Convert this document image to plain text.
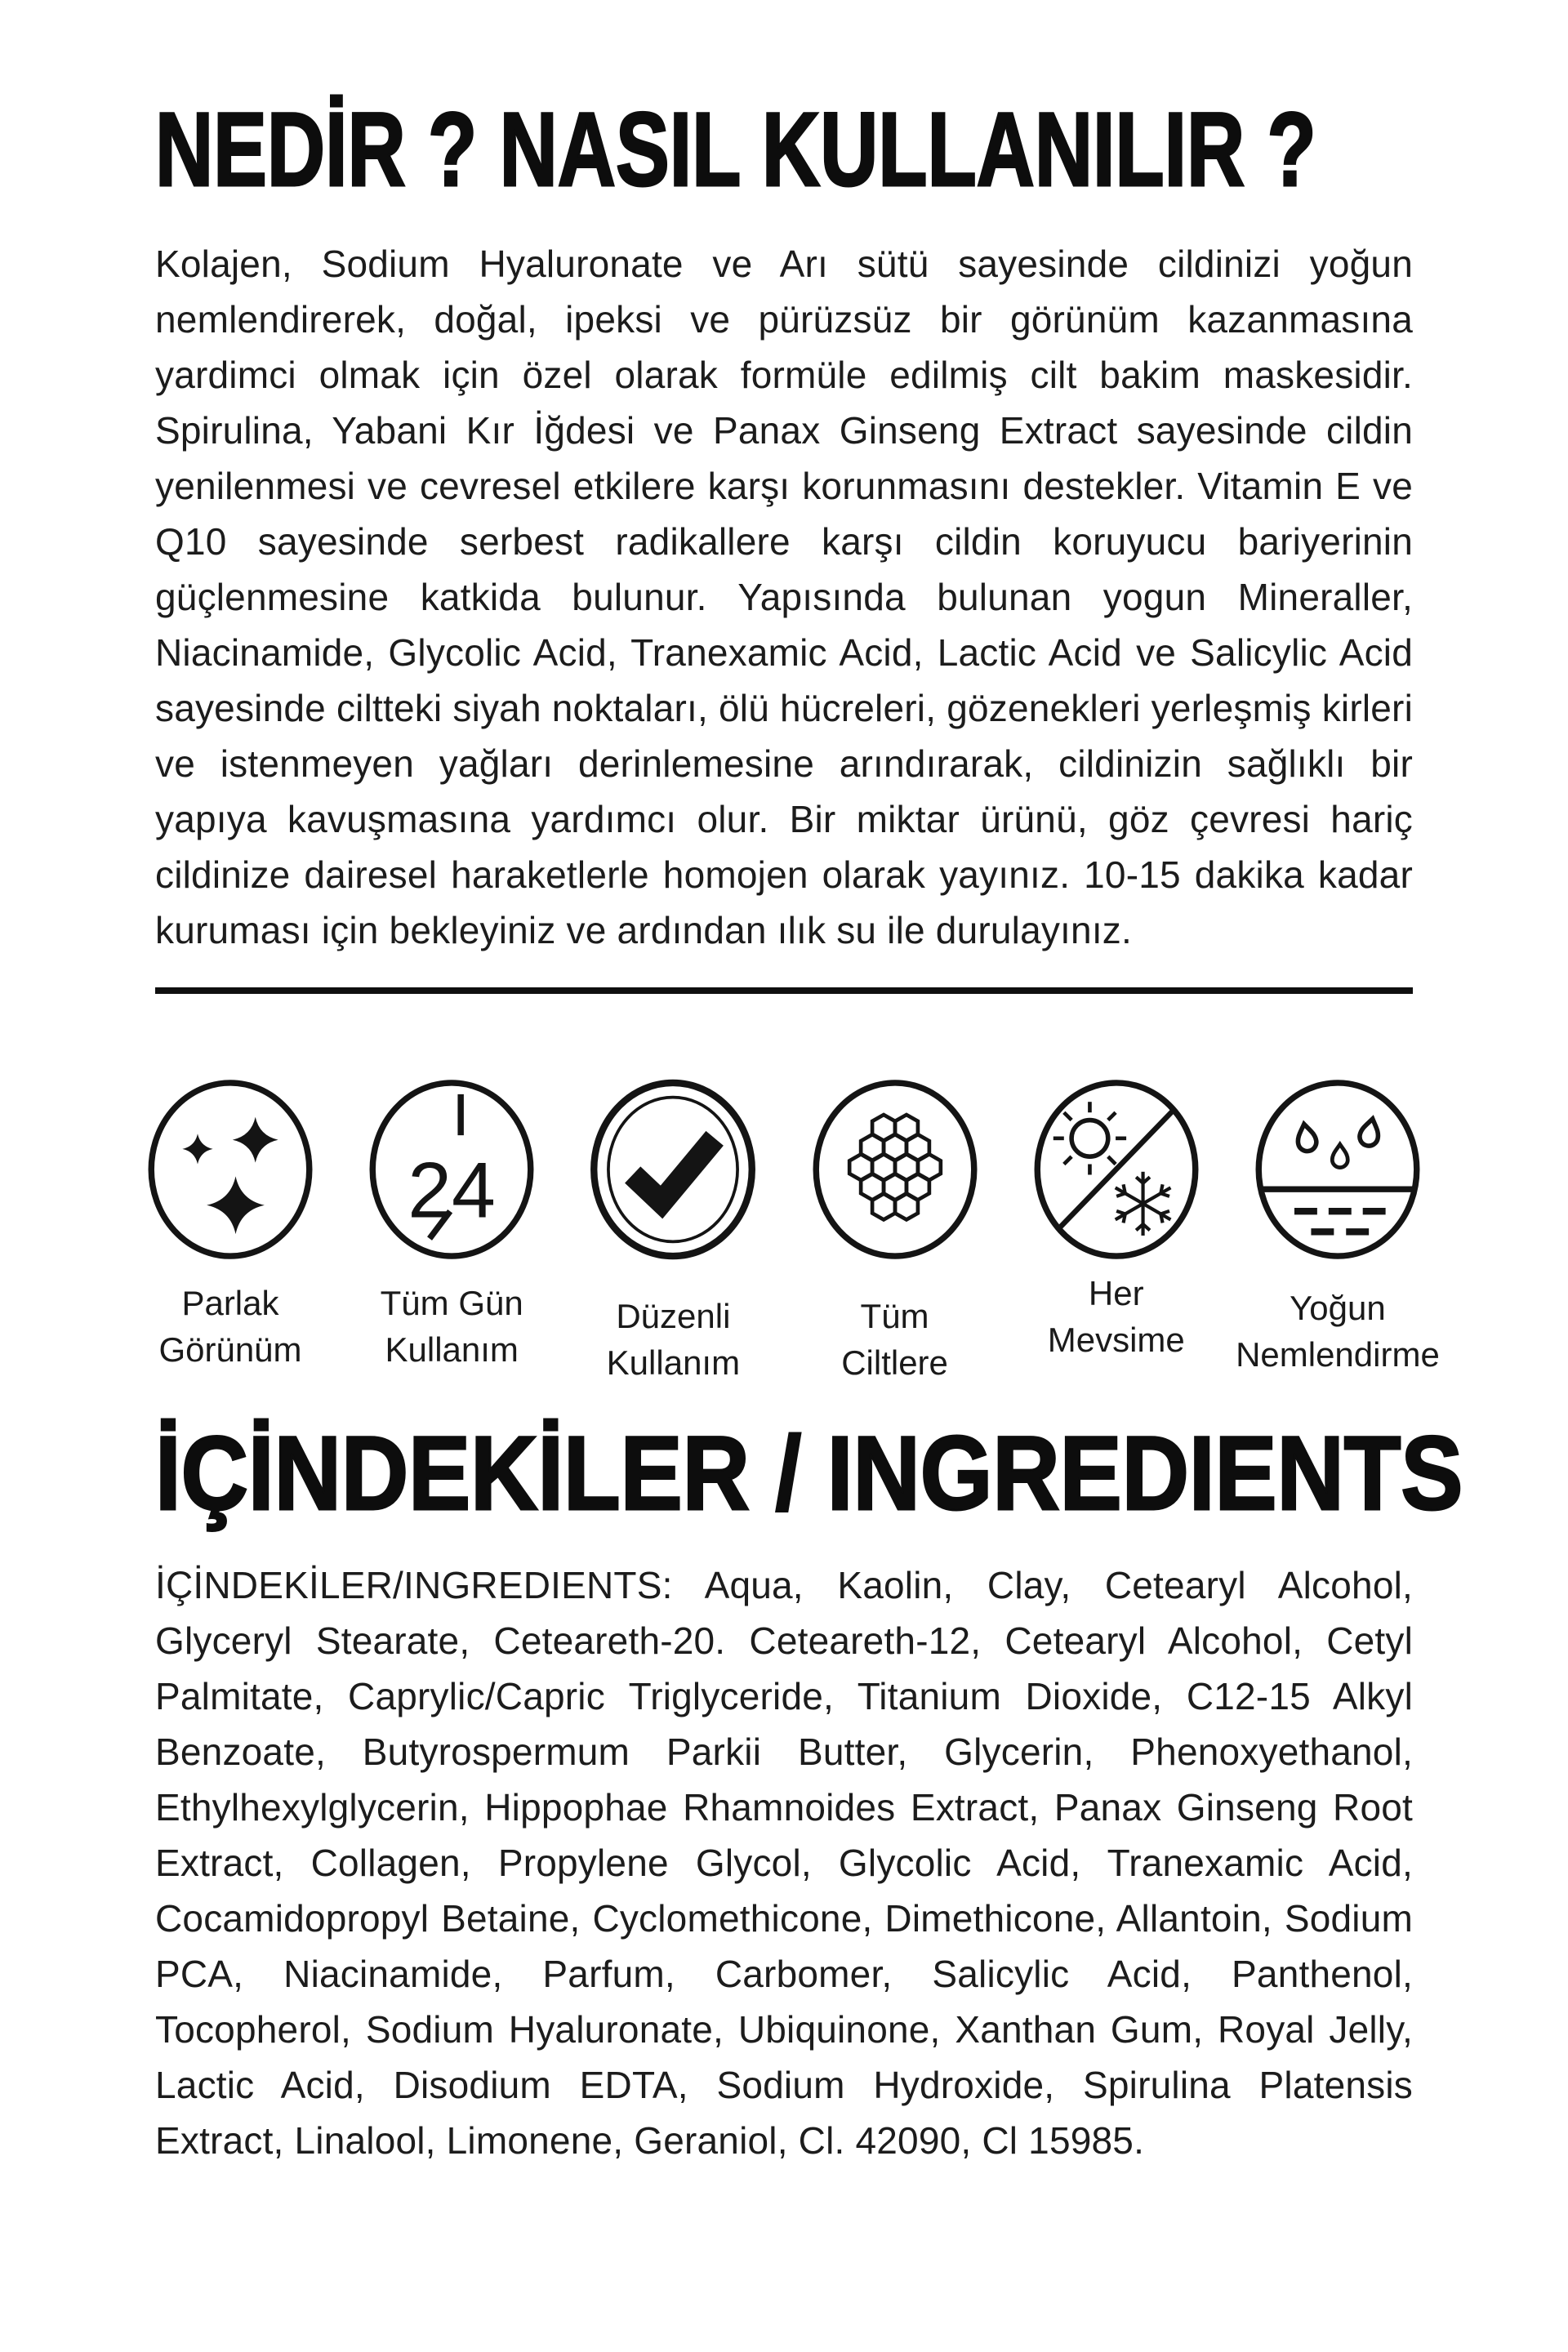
NEDİR ? NASIL KULLANILIR ?

Kolajen, Sodium Hyaluronate ve Arı sütü sayesinde cildinizi yoğun nemlendirerek, doğal, ipeksi ve pürüzsüz bir görünüm kazanmasına yardimci olmak için özel olarak formüle edilmiş cilt bakim maskesidir. Spirulina, Yabani Kır İğdesi ve Panax Ginseng Extract sayesinde cildin yenilenmesi ve cevresel etkilere karşı korunmasını destekler. Vitamin E ve Q10 sayesinde serbest radikallere karşı cildin koruyucu bariyerinin güçlenmesine katkida bulunur. Yapısında bulunan yogun Mineraller, Niacinamide, Glycolic Acid, Tranexamic Acid, Lactic Acid ve Salicylic Acid sayesinde ciltteki siyah noktaları, ölü hücreleri, gözenekleri yerleşmiş kirleri ve istenmeyen yağları derinlemesine arındırarak, cildinizin sağlıklı bir yapıya kavuşmasına yardımcı olur. Bir miktar ürünü, göz çevresi hariç cildinize dairesel haraketlerle homojen olarak yayınız. 10-15 dakika kadar kuruması için bekleyiniz ve ardından ılık su ile durulayınız.

Parlak
Görünüm
24
Tüm Gün
Kullanım
Düzenli
Kullanım
Tüm
Ciltlere
Her
Mevsime
Yoğun
Nemlendirme
İÇİNDEKİLER / INGREDIENTS

İÇİNDEKİLER/INGREDIENTS: Aqua, Kaolin, Clay, Cetearyl Alcohol, Glyceryl Stearate, Ceteareth-20. Ceteareth-12, Cetearyl Alcohol, Cetyl Palmitate, Caprylic/Capric Triglyceride, Titanium Dioxide, C12-15 Alkyl Benzoate, Butyrospermum Parkii Butter, Glycerin, Phenoxyethanol, Ethylhexylglycerin, Hippophae Rhamnoides Extract, Panax Ginseng Root Extract, Collagen, Propylene Glycol, Glycolic Acid, Tranexamic Acid, Cocamidopropyl Betaine, Cyclomethicone, Dimethicone, Allantoin, Sodium PCA, Niacinamide, Parfum, Carbomer, Salicylic Acid, Panthenol, Tocopherol, Sodium Hyaluronate, Ubiquinone, Xanthan Gum, Royal Jelly, Lactic Acid, Disodium EDTA, Sodium Hydroxide, Spirulina Platensis Extract, Linalool, Limonene, Geraniol, Cl. 42090, Cl 15985.
